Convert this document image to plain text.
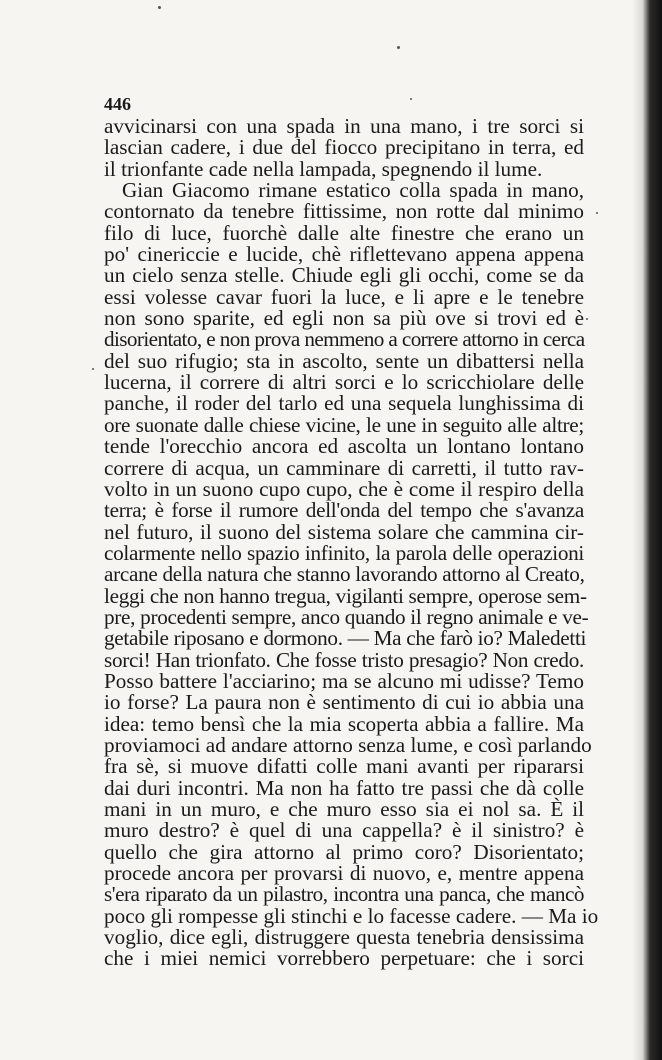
446
avvicinarsi con una spada in una mano, i tre sorci si
lascian cadere, i due del fiocco precipitano in terra, ed
il trionfante cade nella lampada, spegnendo il lume.
Gian Giacomo rimane estatico colla spada in mano,
contornato da tenebre fittissime, non rotte dal minimo
filo di luce, fuorchè dalle alte finestre che erano un
po' cinericcie e lucide, chè riflettevano appena appena
un cielo senza stelle. Chiude egli gli occhi, come se da
essi volesse cavar fuori la luce, e li apre e le tenebre
non sono sparite, ed egli non sa più ove si trovi ed è
disorientato, e non prova nemmeno a correre attorno in cerca
del suo rifugio; sta in ascolto, sente un dibattersi nella
lucerna, il correre di altri sorci e lo scricchiolare delle
panche, il roder del tarlo ed una sequela lunghissima di
ore suonate dalle chiese vicine, le une in seguito alle altre;
tende l'orecchio ancora ed ascolta un lontano lontano
correre di acqua, un camminare di carretti, il tutto rav-
volto in un suono cupo cupo, che è come il respiro della
terra; è forse il rumore dell'onda del tempo che s'avanza
nel futuro, il suono del sistema solare che cammina cir-
colarmente nello spazio infinito, la parola delle operazioni
arcane della natura che stanno lavorando attorno al Creato,
leggi che non hanno tregua, vigilanti sempre, operose sem-
pre, procedenti sempre, anco quando il regno animale e ve-
getabile riposano e dormono. — Ma che farò io? Maledetti
sorci! Han trionfato. Che fosse tristo presagio? Non credo.
Posso battere l'acciarino; ma se alcuno mi udisse? Temo
io forse? La paura non è sentimento di cui io abbia una
idea: temo bensì che la mia scoperta abbia a fallire. Ma
proviamoci ad andare attorno senza lume, e così parlando
fra sè, si muove difatti colle mani avanti per ripararsi
dai duri incontri. Ma non ha fatto tre passi che dà colle
mani in un muro, e che muro esso sia ei nol sa. È il
muro destro? è quel di una cappella? è il sinistro? è
quello che gira attorno al primo coro? Disorientato;
procede ancora per provarsi di nuovo, e, mentre appena
s'era riparato da un pilastro, incontra una panca, che mancò
poco gli rompesse gli stinchi e lo facesse cadere. — Ma io
voglio, dice egli, distruggere questa tenebria densissima
che i miei nemici vorrebbero perpetuare: che i sorci
